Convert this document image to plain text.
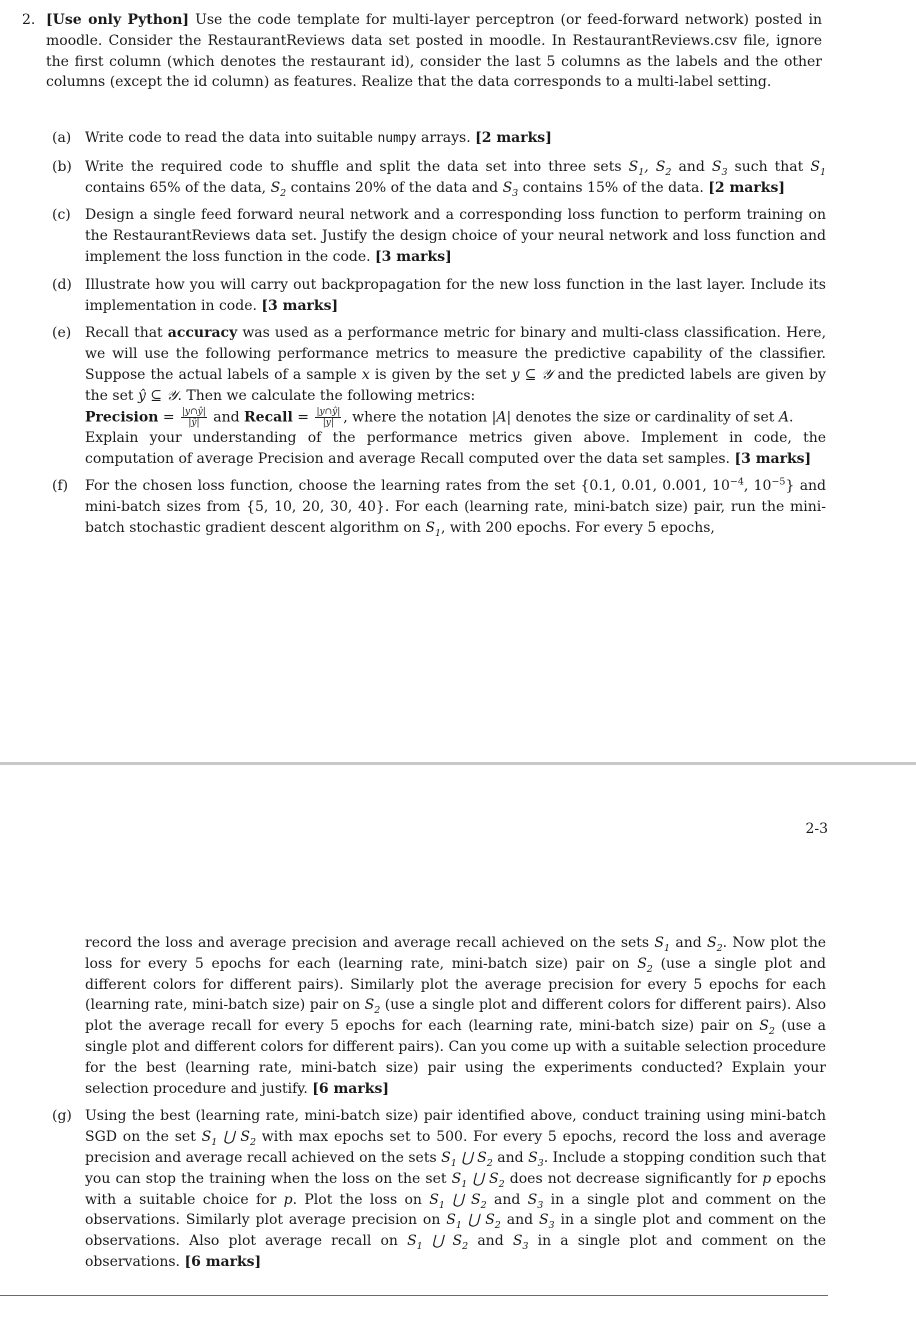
2. [Use only Python] Use the code template for multi-layer perceptron (or feed-forward network) posted in moodle. Consider the RestaurantReviews data set posted in moodle. In RestaurantReviews.csv file, ignore the first column (which denotes the restaurant id), consider the last 5 columns as the labels and the other columns (except the id column) as features. Realize that the data corresponds to a multi-label setting.
(a) Write code to read the data into suitable numpy arrays. [2 marks]
(b) Write the required code to shuffle and split the data set into three sets $S_1$, $S_2$ and $S_3$ such that $S_1$ contains 65% of the data, $S_2$ contains 20% of the data and $S_3$ contains 15% of the data. [2 marks]
(c) Design a single feed forward neural network and a corresponding loss function to perform training on the RestaurantReviews data set. Justify the design choice of your neural network and loss function and implement the loss function in the code. [3 marks]
(d) Illustrate how you will carry out backpropagation for the new loss function in the last layer. Include its implementation in code. [3 marks]
(e) Recall that accuracy was used as a performance metric for binary and multi-class classification. Here, we will use the following performance metrics to measure the predictive capability of the classifier. Suppose the actual labels of a sample x is given by the set y ⊆ 𝒴 and the predicted labels are given by the set ŷ ⊆ 𝒴. Then we calculate the following metrics:
Precision = $\frac{|y\cap ŷ|}{|ŷ|}$ and Recall = $\frac{|y\cap ŷ|}{|y|}$ , where the notation |A| denotes the size or cardinality of set A.
Explain your understanding of the performance metrics given above. Implement in code, the computation of average Precision and average Recall computed over the data set samples. [3 marks]
(f) For the chosen loss function, choose the learning rates from the set {0.1, 0.01, 0.001, $10^{-4}$, $10^{-5}$} and mini-batch sizes from {5, 10, 20, 30, 40}. For each (learning rate, mini-batch size) pair, run the mini-batch stochastic gradient descent algorithm on $S_1$, with 200 epochs. For every 5 epochs,
2-3
record the loss and average precision and average recall achieved on the sets $S_1$ and $S_2$. Now plot the loss for every 5 epochs for each (learning rate, mini-batch size) pair on $S_2$ (use a single plot and different colors for different pairs). Similarly plot the average precision for every 5 epochs for each (learning rate, mini-batch size) pair on $S_2$ (use a single plot and different colors for different pairs). Also plot the average recall for every 5 epochs for each (learning rate, mini-batch size) pair on $S_2$ (use a single plot and different colors for different pairs). Can you come up with a suitable selection procedure for the best (learning rate, mini-batch size) pair using the experiments conducted? Explain your selection procedure and justify. [6 marks]
(g) Using the best (learning rate, mini-batch size) pair identified above, conduct training using mini-batch SGD on the set $S_1$ ⋃ $S_2$ with max epochs set to 500. For every 5 epochs, record the loss and average precision and average recall achieved on the sets $S_1$ ⋃ $S_2$ and $S_3$. Include a stopping condition such that you can stop the training when the loss on the set $S_1$ ⋃ $S_2$ does not decrease significantly for p epochs with a suitable choice for p. Plot the loss on $S_1$ ⋃ $S_2$ and $S_3$ in a single plot and comment on the observations. Similarly plot average precision on $S_1$ ⋃ $S_2$ and $S_3$ in a single plot and comment on the observations. Also plot average recall on $S_1$ ⋃ $S_2$ and $S_3$ in a single plot and comment on the observations. [6 marks]
